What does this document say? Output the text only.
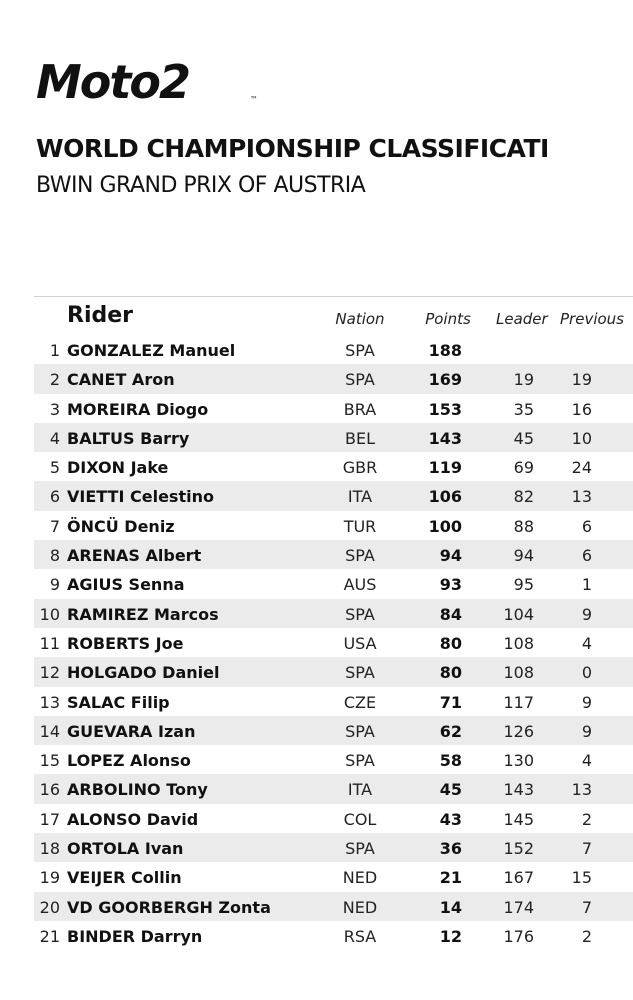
Moto2	™
WORLD CHAMPIONSHIP CLASSIFICATI
BWIN GRAND PRIX OF AUSTRIA
Rider	Nation	Points Leader Previous
1 GONZALEZ Manuel	SPA	188
2 CANET Aron	SPA	169	19	19
3 MOREIRA Diogo	BRA	153	35	16
4 BALTUS Barry	BEL	143	45	10
5 DIXON Jake	GBR	119	69	24
6 VIETTI Celestino	ITA	106	82	13
7 ÖNCÜ Deniz	TUR	100	88	6
8 ARENAS Albert	SPA	94	94	6
9 AGIUS Senna	AUS	93	95	1
10 RAMIREZ Marcos	SPA	84	104	9
11 ROBERTS Joe	USA	80	108	4
12 HOLGADO Daniel	SPA	80	108	0
13 SALAC Filip	CZE	71	117	9
14 GUEVARA Izan	SPA	62	126	9
15 LOPEZ Alonso	SPA	58	130	4
16 ARBOLINO Tony	ITA	45	143	13
17 ALONSO David	COL	43	145	2
18 ORTOLA Ivan	SPA	36	152	7
19 VEIJER Collin	NED	21	167	15
20 VD GOORBERGH Zonta	NED	14	174	7
21 BINDER Darryn	RSA	12	176	2
